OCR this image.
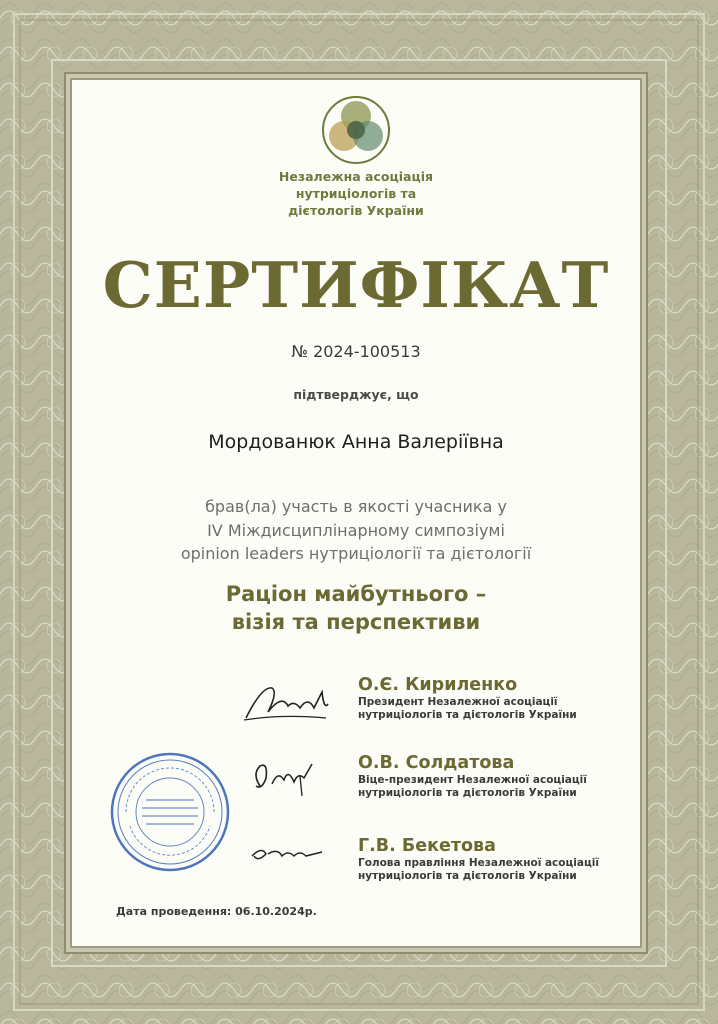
Незалежна асоціація
нутриціологів та
дієтологів України
СЕРТИФІКАТ
№ 2024-100513
підтверджує, що
Мордованюк Анна Валеріївна
брав(ла) участь в якості учасника у
IV Міждисциплінарному симпозіумі
opinion leaders нутриціології та дієтології
Раціон майбутнього –
візія та перспективи
О.Є. Кириленко
Президент Незалежної асоціації
нутриціологів та дієтологів України
О.В. Солдатова
Віце-президент Незалежної асоціації
нутриціологів та дієтологів України
Г.В. Бекетова
Голова правління Незалежної асоціації
нутриціологів та дієтологів України
Дата проведення: 06.10.2024р.
